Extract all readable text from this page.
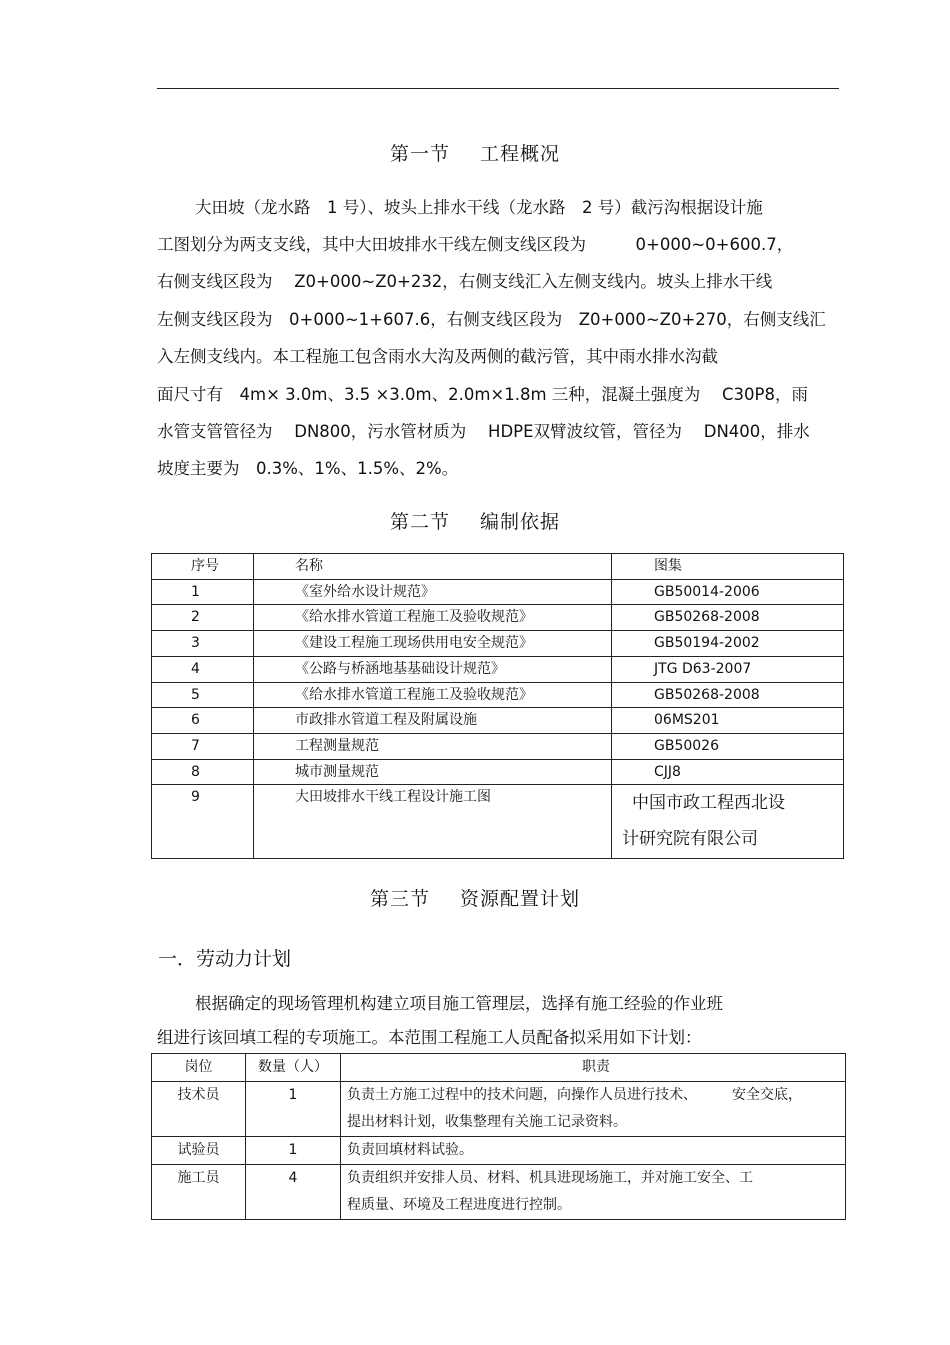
第一节 工程概况
大田坡（龙水路　1 号）、坡头上排水干线（龙水路　2 号）截污沟根据设计施
工图划分为两支支线，其中大田坡排水干线左侧支线区段为　　　0+000~0+600.7，
右侧支线区段为　 Z0+000~Z0+232，右侧支线汇入左侧支线内。坡头上排水干线
左侧支线区段为　0+000~1+607.6，右侧支线区段为　Z0+000~Z0+270，右侧支线汇
入左侧支线内。本工程施工包含雨水大沟及两侧的截污管，其中雨水排水沟截
面尺寸有　4m× 3.0m、3.5 ×3.0m、2.0m×1.8m 三种，混凝土强度为　 C30P8，雨
水管支管管径为　 DN800，污水管材质为　 HDPE双臂波纹管，管径为　 DN400，排水
坡度主要为　0.3%、1%、1.5%、2%。
第二节 编制依据
序号	名称	图集
1	《室外给水设计规范》	GB50014-2006
2	《给水排水管道工程施工及验收规范》	GB50268-2008
3	《建设工程施工现场供用电安全规范》	GB50194-2002
4	《公路与桥涵地基基础设计规范》	JTG D63-2007
5	《给水排水管道工程施工及验收规范》	GB50268-2008
6	市政排水管道工程及附属设施	06MS201
7	工程测量规范	GB50026
8	城市测量规范	CJJ8
9	大田坡排水干线工程设计施工图	中国市政工程西北设
计研究院有限公司
第三节 资源配置计划
一．劳动力计划
根据确定的现场管理机构建立项目施工管理层，选择有施工经验的作业班
组进行该回填工程的专项施工。本范围工程施工人员配备拟采用如下计划：
岗位	数量（人）	职责
技术员	1	负责土方施工过程中的技术问题，向操作人员进行技术、　　　安全交底，
提出材料计划，收集整理有关施工记录资料。

试验员	1	负责回填材料试验。

施工员	4	负责组织并安排人员、材料、机具进现场施工，并对施工安全、工
程质量、环境及工程进度进行控制。
